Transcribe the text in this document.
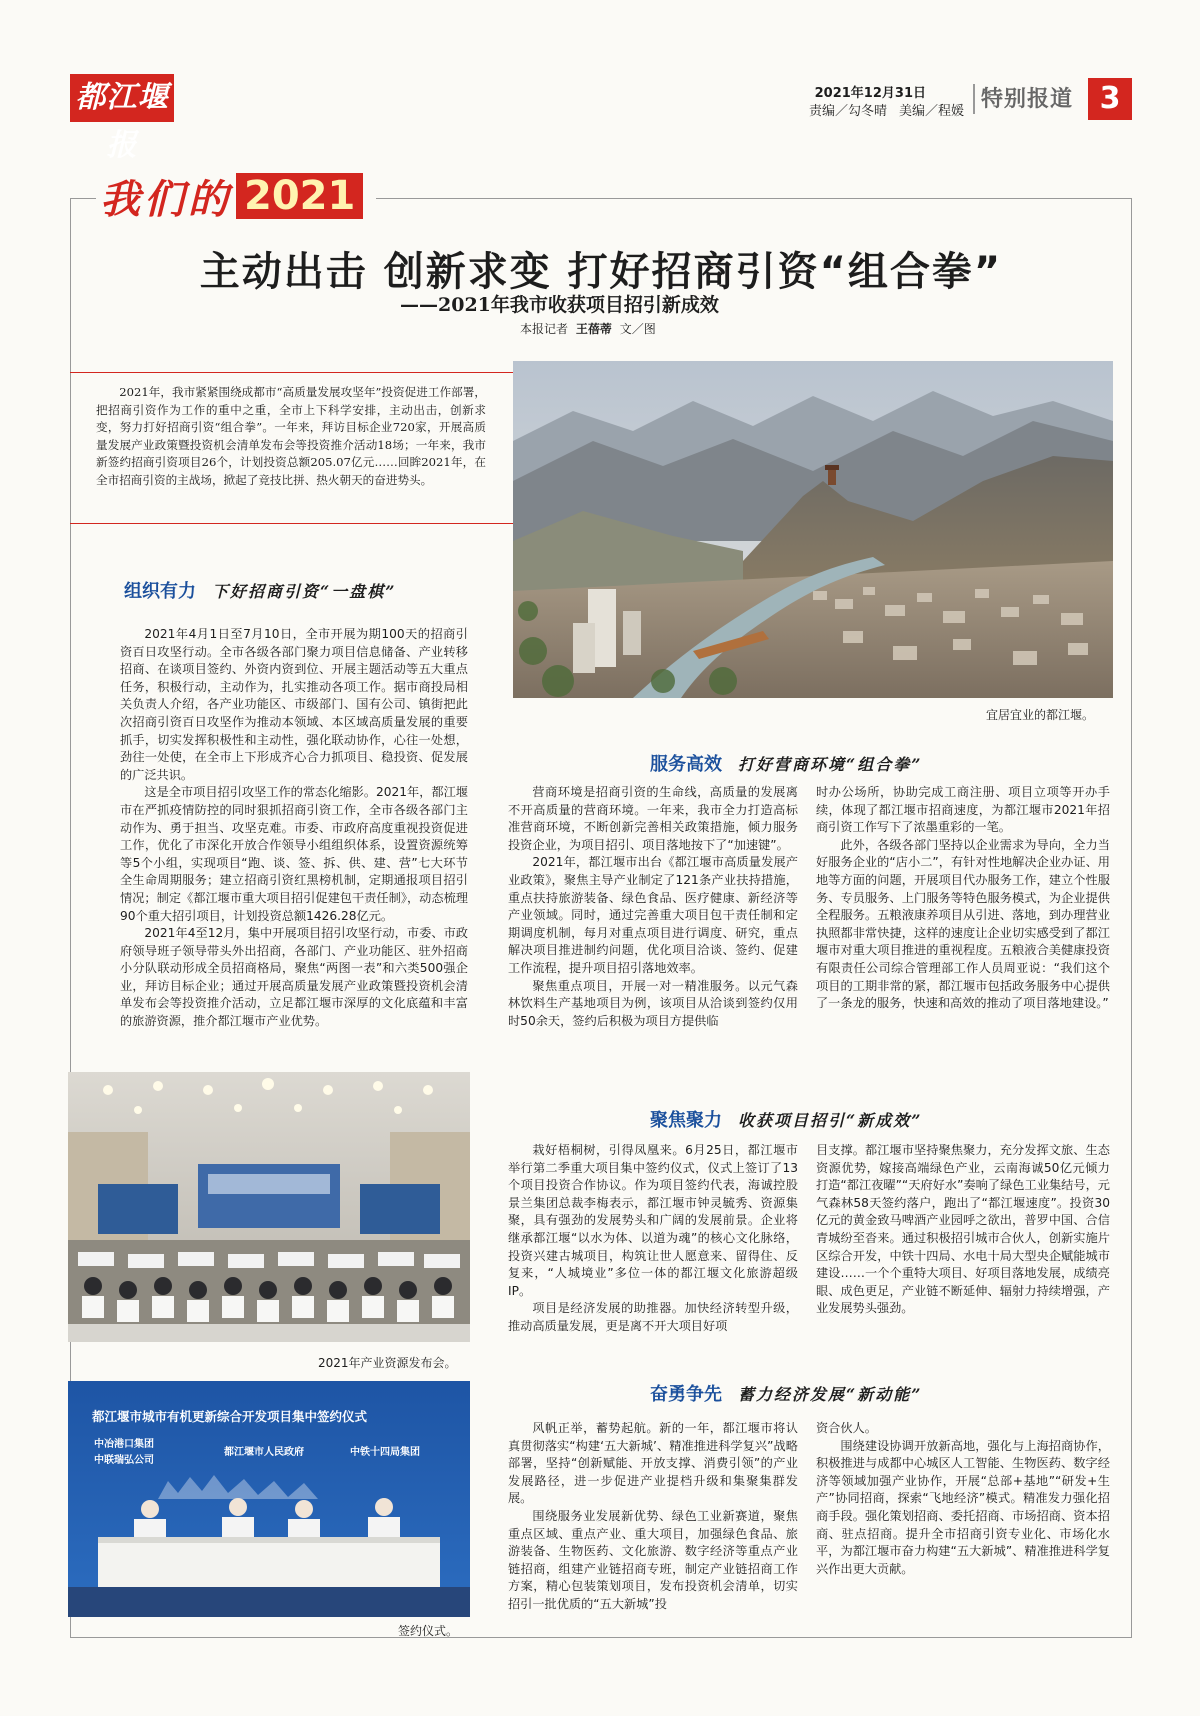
都江堰报
2021年12月31日
责编／勾冬晴 美编／程媛 特别报道 3
我们的 2021
主动出击 创新求变 打好招商引资“组合拳”
——2021年我市收获项目招引新成效
本报记者 王蓓蒂 文／图

2021年，我市紧紧围绕成都市“高质量发展攻坚年”投资促进工作部署，把招商引资作为工作的重中之重，全市上下科学安排，主动出击，创新求变，努力打好招商引资“组合拳”。一年来，拜访目标企业720家，开展高质量发展产业政策暨投资机会清单发布会等投资推介活动18场；一年来，我市新签约招商引资项目26个，计划投资总额205.07亿元……回眸2021年，在全市招商引资的主战场，掀起了竞技比拼、热火朝天的奋进势头。

宜居宜业的都江堰。
组织有力 下好招商引资“一盘棋”

2021年4月1日至7月10日，全市开展为期100天的招商引资百日攻坚行动。全市各级各部门聚力项目信息储备、产业转移招商、在谈项目签约、外资内资到位、开展主题活动等五大重点任务，积极行动，主动作为，扎实推动各项工作。据市商投局相关负责人介绍，各产业功能区、市级部门、国有公司、镇街把此次招商引资百日攻坚作为推动本领域、本区域高质量发展的重要抓手，切实发挥积极性和主动性，强化联动协作，心往一处想，劲往一处使，在全市上下形成齐心合力抓项目、稳投资、促发展的广泛共识。

这是全市项目招引攻坚工作的常态化缩影。2021年，都江堰市在严抓疫情防控的同时狠抓招商引资工作，全市各级各部门主动作为、勇于担当、攻坚克难。市委、市政府高度重视投资促进工作，优化了市深化开放合作领导小组组织体系，设置资源统筹等5个小组，实现项目“跑、谈、签、拆、供、建、营”七大环节全生命周期服务；建立招商引资红黑榜机制，定期通报项目招引情况；制定《都江堰市重大项目招引促建包干责任制》，动态梳理90个重大招引项目，计划投资总额1426.28亿元。

2021年4至12月，集中开展项目招引攻坚行动，市委、市政府领导班子领导带头外出招商，各部门、产业功能区、驻外招商小分队联动形成全员招商格局，聚焦“两图一表”和六类500强企业，拜访目标企业；通过开展高质量发展产业政策暨投资机会清单发布会等投资推介活动，立足都江堰市深厚的文化底蕴和丰富的旅游资源，推介都江堰市产业优势。

2021年产业资源发布会。
都江堰市城市有机更新综合开发项目集中签约仪式
中冶港口集团
中联瑞弘公司
都江堰市人民政府	中铁十四局集团
签约仪式。
服务高效 打好营商环境“组合拳”

营商环境是招商引资的生命线，高质量的发展离不开高质量的营商环境。一年来，我市全力打造高标准营商环境，不断创新完善相关政策措施，倾力服务投资企业，为项目招引、项目落地按下了“加速键”。

2021年，都江堰市出台《都江堰市高质量发展产业政策》，聚焦主导产业制定了121条产业扶持措施，重点扶持旅游装备、绿色食品、医疗健康、新经济等产业领域。同时，通过完善重大项目包干责任制和定期调度机制，每月对重点项目进行调度、研究，重点解决项目推进制约问题，优化项目洽谈、签约、促建工作流程，提升项目招引落地效率。

聚焦重点项目，开展一对一精准服务。以元气森林饮料生产基地项目为例，该项目从洽谈到签约仅用时50余天，签约后积极为项目方提供临

时办公场所，协助完成工商注册、项目立项等开办手续，体现了都江堰市招商速度，为都江堰市2021年招商引资工作写下了浓墨重彩的一笔。

此外，各级各部门坚持以企业需求为导向，全力当好服务企业的“店小二”，有针对性地解决企业办证、用地等方面的问题，开展项目代办服务工作，建立个性服务、专员服务、上门服务等特色服务模式，为企业提供全程服务。五粮液康养项目从引进、落地，到办理营业执照都非常快捷，这样的速度让企业切实感受到了都江堰市对重大项目推进的重视程度。五粮液合美健康投资有限责任公司综合管理部工作人员周亚说：“我们这个项目的工期非常的紧，都江堰市包括政务服务中心提供了一条龙的服务，快速和高效的推动了项目落地建设。”

聚焦聚力 收获项目招引“新成效”

栽好梧桐树，引得凤凰来。6月25日，都江堰市举行第二季重大项目集中签约仪式，仪式上签订了13个项目投资合作协议。作为项目签约代表，海诚控股景兰集团总裁李梅表示，都江堰市钟灵毓秀、资源集聚，具有强劲的发展势头和广阔的发展前景。企业将继承都江堰“以水为体、以道为魂”的核心文化脉络，投资兴建古城项目，构筑让世人愿意来、留得住、反复来，“人城境业”多位一体的都江堰文化旅游超级IP。

项目是经济发展的助推器。加快经济转型升级，推动高质量发展，更是离不开大项目好项

目支撑。都江堰市坚持聚焦聚力，充分发挥文旅、生态资源优势，嫁接高端绿色产业，云南海诚50亿元倾力打造“都江夜曜”“天府好水”奏响了绿色工业集结号，元气森林58天签约落户，跑出了“都江堰速度”。投资30亿元的黄金致马啤酒产业园呼之欲出，普罗中国、合信青城纷至沓来。通过积极招引城市合伙人，创新实施片区综合开发，中铁十四局、水电十局大型央企赋能城市建设……一个个重特大项目、好项目落地发展，成绩亮眼、成色更足，产业链不断延伸、辐射力持续增强，产业发展势头强劲。

奋勇争先 蓄力经济发展“新动能”

风帆正举，蓄势起航。新的一年，都江堰市将认真贯彻落实“构建‘五大新城’、精准推进科学复兴”战略部署，坚持“创新赋能、开放支撑、消费引领”的产业发展路径，进一步促进产业提档升级和集聚集群发展。

围绕服务业发展新优势、绿色工业新赛道，聚焦重点区域、重点产业、重大项目，加强绿色食品、旅游装备、生物医药、文化旅游、数字经济等重点产业链招商，组建产业链招商专班，制定产业链招商工作方案，精心包装策划项目，发布投资机会清单，切实招引一批优质的“五大新城”投

资合伙人。

围绕建设协调开放新高地，强化与上海招商协作，积极推进与成都中心城区人工智能、生物医药、数字经济等领域加强产业协作，开展“总部+基地”“研发+生产”协同招商，探索“飞地经济”模式。精准发力强化招商手段。强化策划招商、委托招商、市场招商、资本招商、驻点招商。提升全市招商引资专业化、市场化水平，为都江堰市奋力构建“五大新城”、精准推进科学复兴作出更大贡献。
